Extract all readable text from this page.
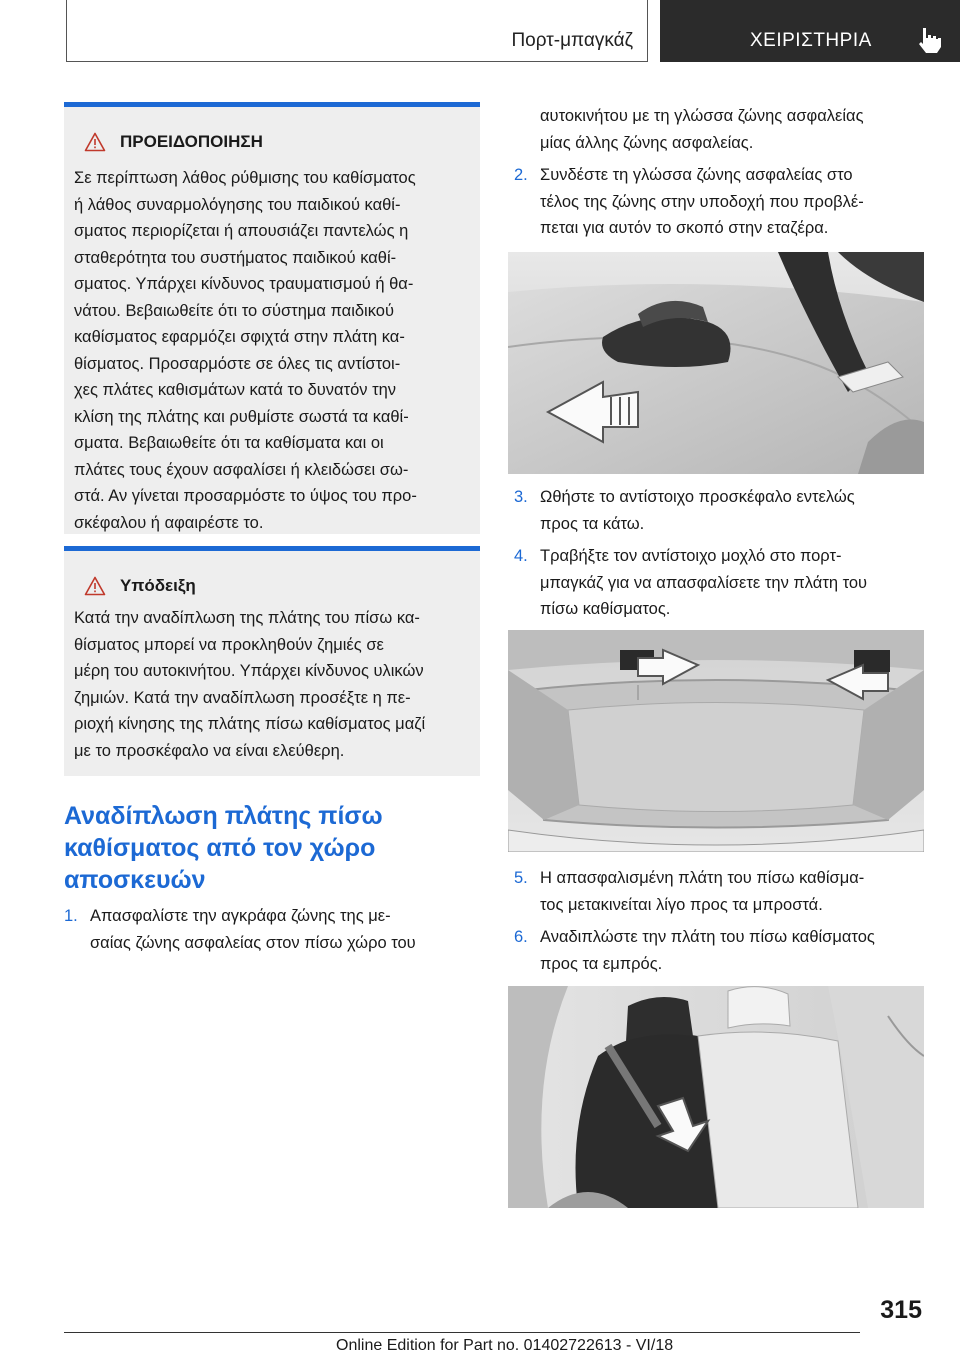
Πορτ-μπαγκάζ	ΧΕΙΡΙΣΤΗΡΙΑ
ΠΡΟΕΙΔΟΠΟΙΗΣΗ

Σε περίπτωση λάθος ρύθμισης του καθίσματος
ή λάθος συναρμολόγησης του παιδικού καθί-
σματος περιορίζεται ή απουσιάζει παντελώς η
σταθερότητα του συστήματος παιδικού καθί-
σματος. Υπάρχει κίνδυνος τραυματισμού ή θα-
νάτου. Βεβαιωθείτε ότι το σύστημα παιδικού
καθίσματος εφαρμόζει σφιχτά στην πλάτη κα-
θίσματος. Προσαρμόστε σε όλες τις αντίστοι-
χες πλάτες καθισμάτων κατά το δυνατόν την
κλίση της πλάτης και ρυθμίστε σωστά τα καθί-
σματα. Βεβαιωθείτε ότι τα καθίσματα και οι
πλάτες τους έχουν ασφαλίσει ή κλειδώσει σω-
στά. Αν γίνεται προσαρμόστε το ύψος του προ-
σκέφαλου ή αφαιρέστε το.

Υπόδειξη

Κατά την αναδίπλωση της πλάτης του πίσω κα-
θίσματος μπορεί να προκληθούν ζημιές σε
μέρη του αυτοκινήτου. Υπάρχει κίνδυνος υλικών
ζημιών. Κατά την αναδίπλωση προσέξτε η πε-
ριοχή κίνησης της πλάτης πίσω καθίσματος μαζί
με το προσκέφαλο να είναι ελεύθερη.

Αναδίπλωση πλάτης πίσω
καθίσματος από τον χώρο
αποσκευών
1. Απασφαλίστε την αγκράφα ζώνης της με-
σαίας ζώνης ασφαλείας στον πίσω χώρο του
αυτοκινήτου με τη γλώσσα ζώνης ασφαλείας
μίας άλλης ζώνης ασφαλείας.
2. Συνδέστε τη γλώσσα ζώνης ασφαλείας στο
τέλος της ζώνης στην υποδοχή που προβλέ-
πεται για αυτόν το σκοπό στην εταζέρα.
3. Ωθήστε το αντίστοιχο προσκέφαλο εντελώς
προς τα κάτω.
4. Τραβήξτε τον αντίστοιχο μοχλό στο πορτ-
μπαγκάζ για να απασφαλίσετε την πλάτη του
πίσω καθίσματος.
5. Η απασφαλισμένη πλάτη του πίσω καθίσμα-
τος μετακινείται λίγο προς τα μπροστά.
6. Αναδιπλώστε την πλάτη του πίσω καθίσματος
προς τα εμπρός.
315
Online Edition for Part no. 01402722613 - VI/18
